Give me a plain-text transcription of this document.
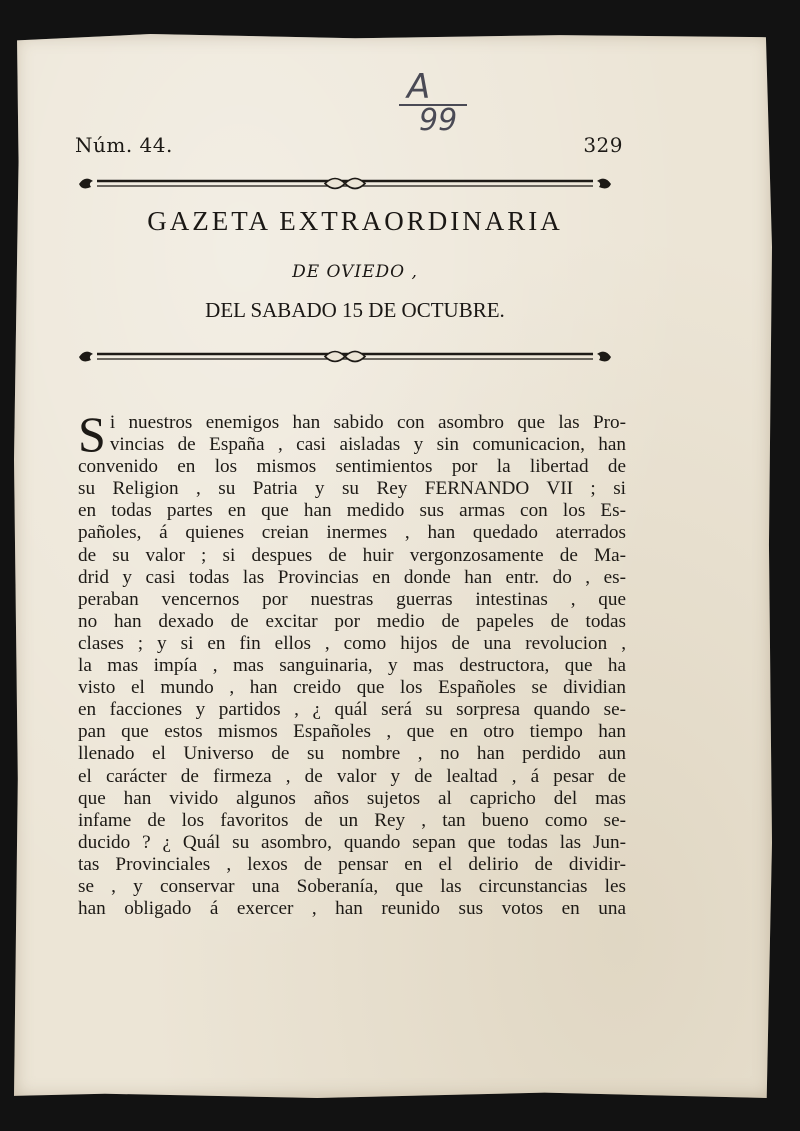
A
99
Núm. 44.	329
GAZETA EXTRAORDINARIA
DE OVIEDO ,
DEL SABADO 15 DE OCTUBRE.
S i nuestros enemigos han sabido con asombro que las Pro-
vincias de España , casi aisladas y sin comunicacion, han
convenido en los mismos sentimientos por la libertad de
su Religion , su Patria y su Rey FERNANDO VII ; si
en todas partes en que han medido sus armas con los Es-
pañoles, á quienes creian inermes , han quedado aterrados
de su valor ; si despues de huir vergonzosamente de Ma-
drid y casi todas las Provincias en donde han entr. do , es-
peraban vencernos por nuestras guerras intestinas , que
no han dexado de excitar por medio de papeles de todas
clases ; y si en fin ellos , como hijos de una revolucion ,
la mas impía , mas sanguinaria, y mas destructora, que ha
visto el mundo , han creido que los Españoles se dividian
en facciones y partidos , ¿ quál será su sorpresa quando se-
pan que estos mismos Españoles , que en otro tiempo han
llenado el Universo de su nombre , no han perdido aun
el carácter de firmeza , de valor y de lealtad , á pesar de
que han vivido algunos años sujetos al capricho del mas
infame de los favoritos de un Rey , tan bueno como se-
ducido ? ¿ Quál su asombro, quando sepan que todas las Jun-
tas Provinciales , lexos de pensar en el delirio de dividir-
se , y conservar una Soberanía, que las circunstancias les
han obligado á exercer , han reunido sus votos en una
